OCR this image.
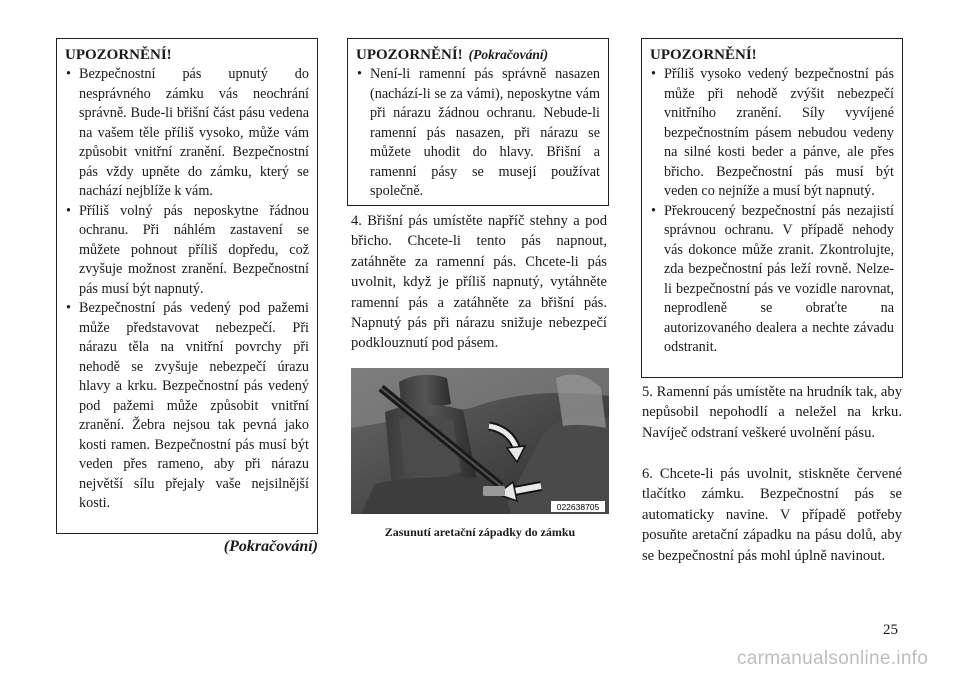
UPOZORNĚNÍ!
• Bezpečnostní pás upnutý do nesprávného zámku vás neochrání správně. Bude-li břišní část pásu vedena na vašem těle příliš vysoko, může vám způsobit vnitřní zranění. Bezpečnostní pás vždy upněte do zámku, který se nachází nejblíže k vám.
• Příliš volný pás neposkytne řádnou ochranu. Při náhlém zastavení se můžete pohnout příliš dopředu, což zvyšuje možnost zranění. Bezpečnostní pás musí být napnutý.
• Bezpečnostní pás vedený pod pažemi může představovat nebezpečí. Při nárazu těla na vnitřní povrchy při nehodě se zvyšuje nebezpečí úrazu hlavy a krku. Bezpečnostní pás vedený pod pažemi může způsobit vnitřní zranění. Žebra nejsou tak pevná jako kosti ramen. Bezpečnostní pás musí být veden přes rameno, aby při nárazu největší sílu přejaly vaše nejsilnější kosti.
(Pokračování)
UPOZORNĚNÍ! (Pokračování)
• Není-li ramenní pás správně nasazen (nachází-li se za vámi), neposkytne vám při nárazu žádnou ochranu. Nebude-li ramenní pás nasazen, při nárazu se můžete uhodit do hlavy. Břišní a ramenní pásy se musejí používat společně.

4. Břišní pás umístěte napříč stehny a pod břicho. Chcete-li tento pás napnout, zatáhněte za ramenní pás. Chcete-li pás uvolnit, když je příliš napnutý, vytáhněte ramenní pás a zatáhněte za břišní pás. Napnutý pás při nárazu snižuje nebezpečí podklouznutí pod pásem.

022638705
Zasunutí aretační západky do zámku
UPOZORNĚNÍ!
• Příliš vysoko vedený bezpečnostní pás může při nehodě zvýšit nebezpečí vnitřního zranění. Síly vyvíjené bezpečnostním pásem nebudou vedeny na silné kosti beder a pánve, ale přes břicho. Bezpečnostní pás musí být veden co nejníže a musí být napnutý.
• Překroucený bezpečnostní pás nezajistí správnou ochranu. V případě nehody vás dokonce může zranit. Zkontrolujte, zda bezpečnostní pás leží rovně. Nelze-li bezpečnostní pás ve vozidle narovnat, neprodleně se obraťte na autorizovaného dealera a nechte závadu odstranit.

5. Ramenní pás umístěte na hrudník tak, aby nepůsobil nepohodlí a neležel na krku. Navíječ odstraní veškeré uvolnění pásu.

6. Chcete-li pás uvolnit, stiskněte červené tlačítko zámku. Bezpečnostní pás se automaticky navine. V případě potřeby posuňte aretační západku na pásu dolů, aby se bezpečnostní pás mohl úplně navinout.

25
carmanualsonline.info
